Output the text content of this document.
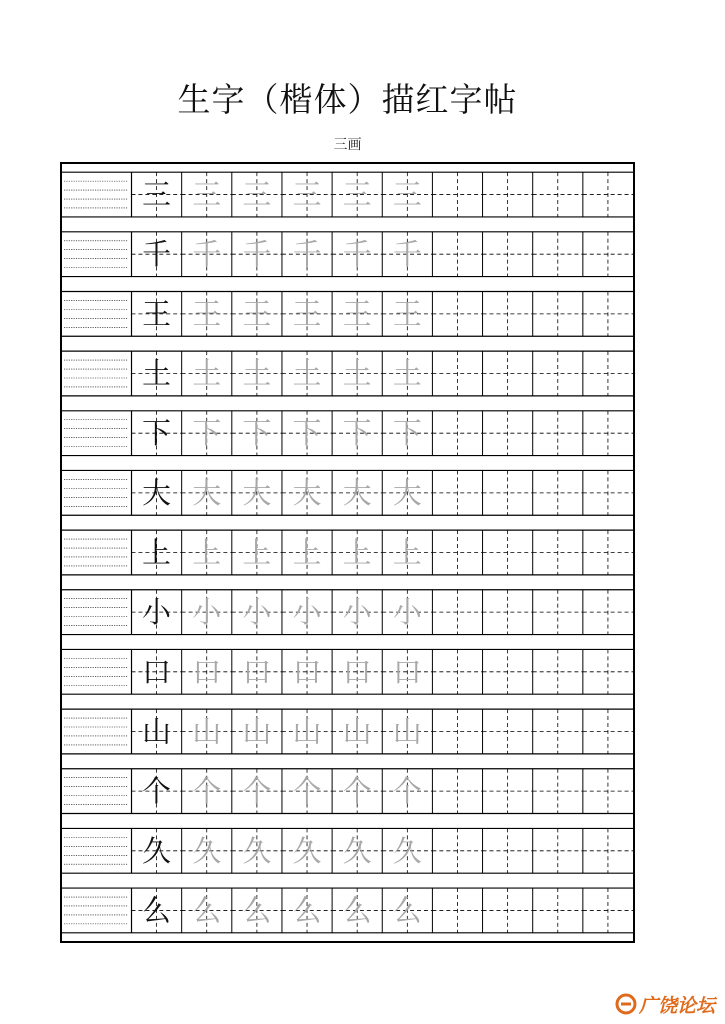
生字（楷体）描红字帖
三画
三 三 三 三 三 三
千 千 千 千 千 千
王 王 王 王 王 王
土 土 土 土 土 土
下 下 下 下 下 下
大 大 大 大 大 大
上 上 上 上 上 上
小 小 小 小 小 小
口 口 口 口 口 口
山 山 山 山 山 山
个 个 个 个 个 个
久 久 久 久 久 久
么 么 么 么 么 么
广饶论坛
